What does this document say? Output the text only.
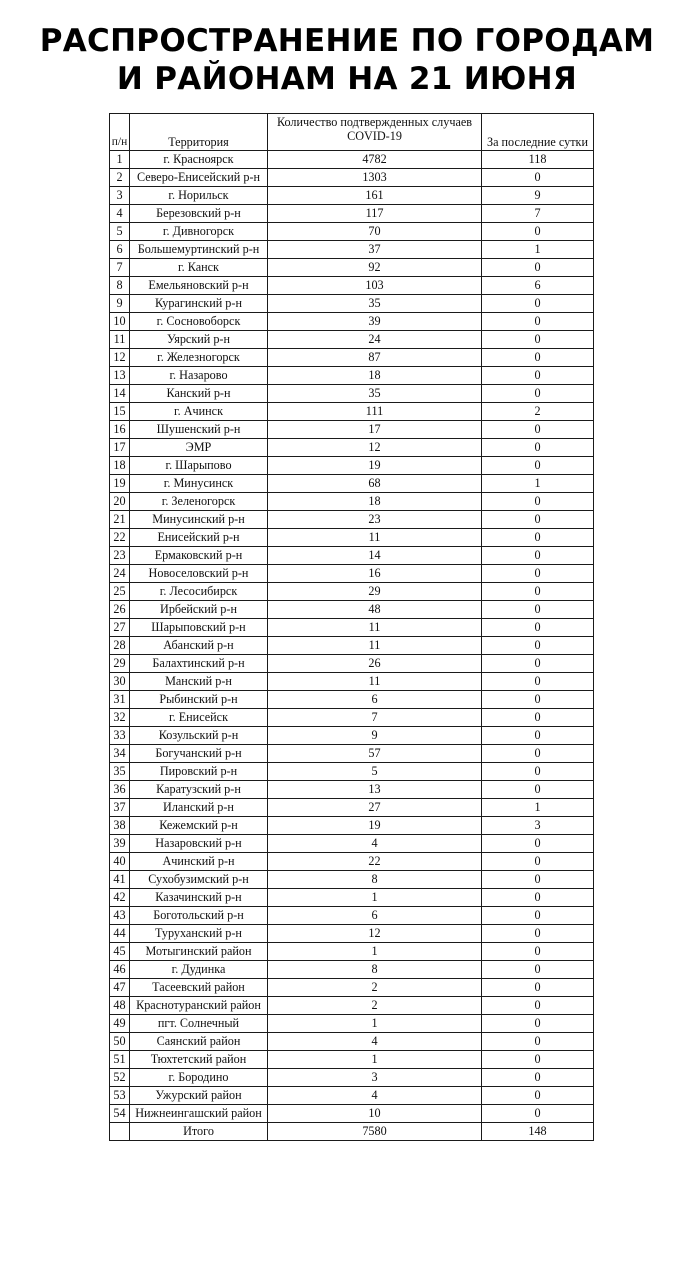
РАСПРОСТРАНЕНИЕ ПО ГОРОДАМ
И РАЙОНАМ НА 21 ИЮНЯ
п/н	Территория	Количество подтвержденных случаев COVID-19	За последние сутки
1	г. Красноярск	4782	118
2	Северо-Енисейский р-н	1303	0
3	г. Норильск	161	9
4	Березовский р-н	117	7
5	г. Дивногорск	70	0
6	Большемуртинский р-н	37	1
7	г. Канск	92	0
8	Емельяновский р-н	103	6
9	Курагинский р-н	35	0
10	г. Сосновоборск	39	0
11	Уярский р-н	24	0
12	г. Железногорск	87	0
13	г. Назарово	18	0
14	Канский р-н	35	0
15	г. Ачинск	111	2
16	Шушенский р-н	17	0
17	ЭМР	12	0
18	г. Шарыпово	19	0
19	г. Минусинск	68	1
20	г. Зеленогорск	18	0
21	Минусинский р-н	23	0
22	Енисейский р-н	11	0
23	Ермаковский р-н	14	0
24	Новоселовский р-н	16	0
25	г. Лесосибирск	29	0
26	Ирбейский р-н	48	0
27	Шарыповский р-н	11	0
28	Абанский р-н	11	0
29	Балахтинский р-н	26	0
30	Манский р-н	11	0
31	Рыбинский р-н	6	0
32	г. Енисейск	7	0
33	Козульский р-н	9	0
34	Богучанский р-н	57	0
35	Пировский р-н	5	0
36	Каратузский р-н	13	0
37	Иланский р-н	27	1
38	Кежемский р-н	19	3
39	Назаровский р-н	4	0
40	Ачинский р-н	22	0
41	Сухобузимский р-н	8	0
42	Казачинский р-н	1	0
43	Боготольский р-н	6	0
44	Туруханский р-н	12	0
45	Мотыгинский район	1	0
46	г. Дудинка	8	0
47	Тасеевский район	2	0
48	Краснотуранский район	2	0
49	пгт. Солнечный	1	0
50	Саянский район	4	0
51	Тюхтетский район	1	0
52	г. Бородино	3	0
53	Ужурский район	4	0
54	Нижнеингашский район	10	0
	Итого	7580	148
